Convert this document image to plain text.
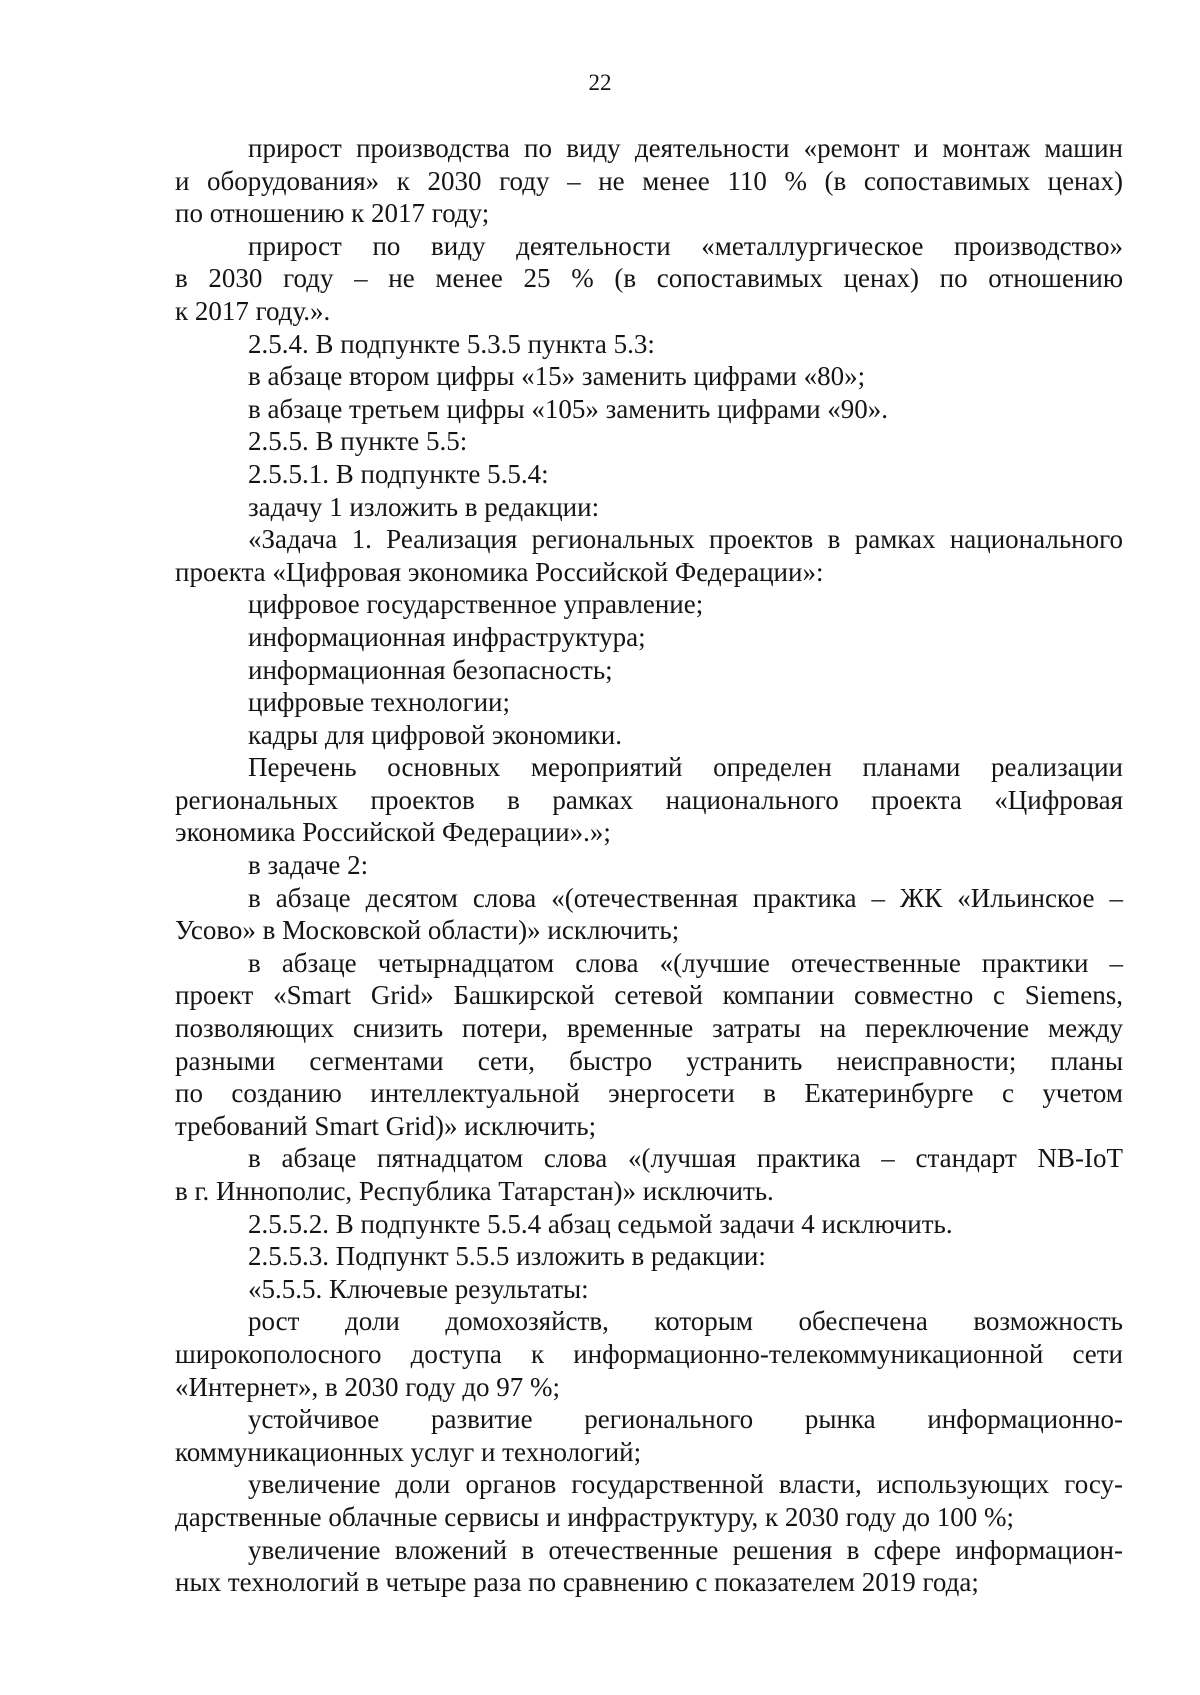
22
прирост производства по виду деятельности «ремонт и монтаж машин
и оборудования» к 2030 году – не менее 110 % (в сопоставимых ценах)
по отношению к 2017 году;
прирост по виду деятельности «металлургическое производство»
в 2030 году – не менее 25 % (в сопоставимых ценах) по отношению
к 2017 году.».
2.5.4. В подпункте 5.3.5 пункта 5.3:
в абзаце втором цифры «15» заменить цифрами «80»;
в абзаце третьем цифры «105» заменить цифрами «90».
2.5.5. В пункте 5.5:
2.5.5.1. В подпункте 5.5.4:
задачу 1 изложить в редакции:
«Задача 1. Реализация региональных проектов в рамках национального
проекта «Цифровая экономика Российской Федерации»:
цифровое государственное управление;
информационная инфраструктура;
информационная безопасность;
цифровые технологии;
кадры для цифровой экономики.
Перечень основных мероприятий определен планами реализации
региональных проектов в рамках национального проекта «Цифровая
экономика Российской Федерации».»;
в задаче 2:
в абзаце десятом слова «(отечественная практика – ЖК «Ильинское –
Усово» в Московской области)» исключить;
в абзаце четырнадцатом слова «(лучшие отечественные практики –
проект «Smart Grid» Башкирской сетевой компании совместно с Siemens,
позволяющих снизить потери, временные затраты на переключение между
разными сегментами сети, быстро устранить неисправности; планы
по созданию интеллектуальной энергосети в Екатеринбурге с учетом
требований Smart Grid)» исключить;
в абзаце пятнадцатом слова «(лучшая практика – стандарт NB-IoT
в г. Иннополис, Республика Татарстан)» исключить.
2.5.5.2. В подпункте 5.5.4 абзац седьмой задачи 4 исключить.
2.5.5.3. Подпункт 5.5.5 изложить в редакции:
«5.5.5. Ключевые результаты:
рост доли домохозяйств, которым обеспечена возможность
широкополосного доступа к информационно-телекоммуникационной сети
«Интернет», в 2030 году до 97 %;
устойчивое развитие регионального рынка информационно-
коммуникационных услуг и технологий;
увеличение доли органов государственной власти, использующих госу-
дарственные облачные сервисы и инфраструктуру, к 2030 году до 100 %;
увеличение вложений в отечественные решения в сфере информацион-
ных технологий в четыре раза по сравнению с показателем 2019 года;
